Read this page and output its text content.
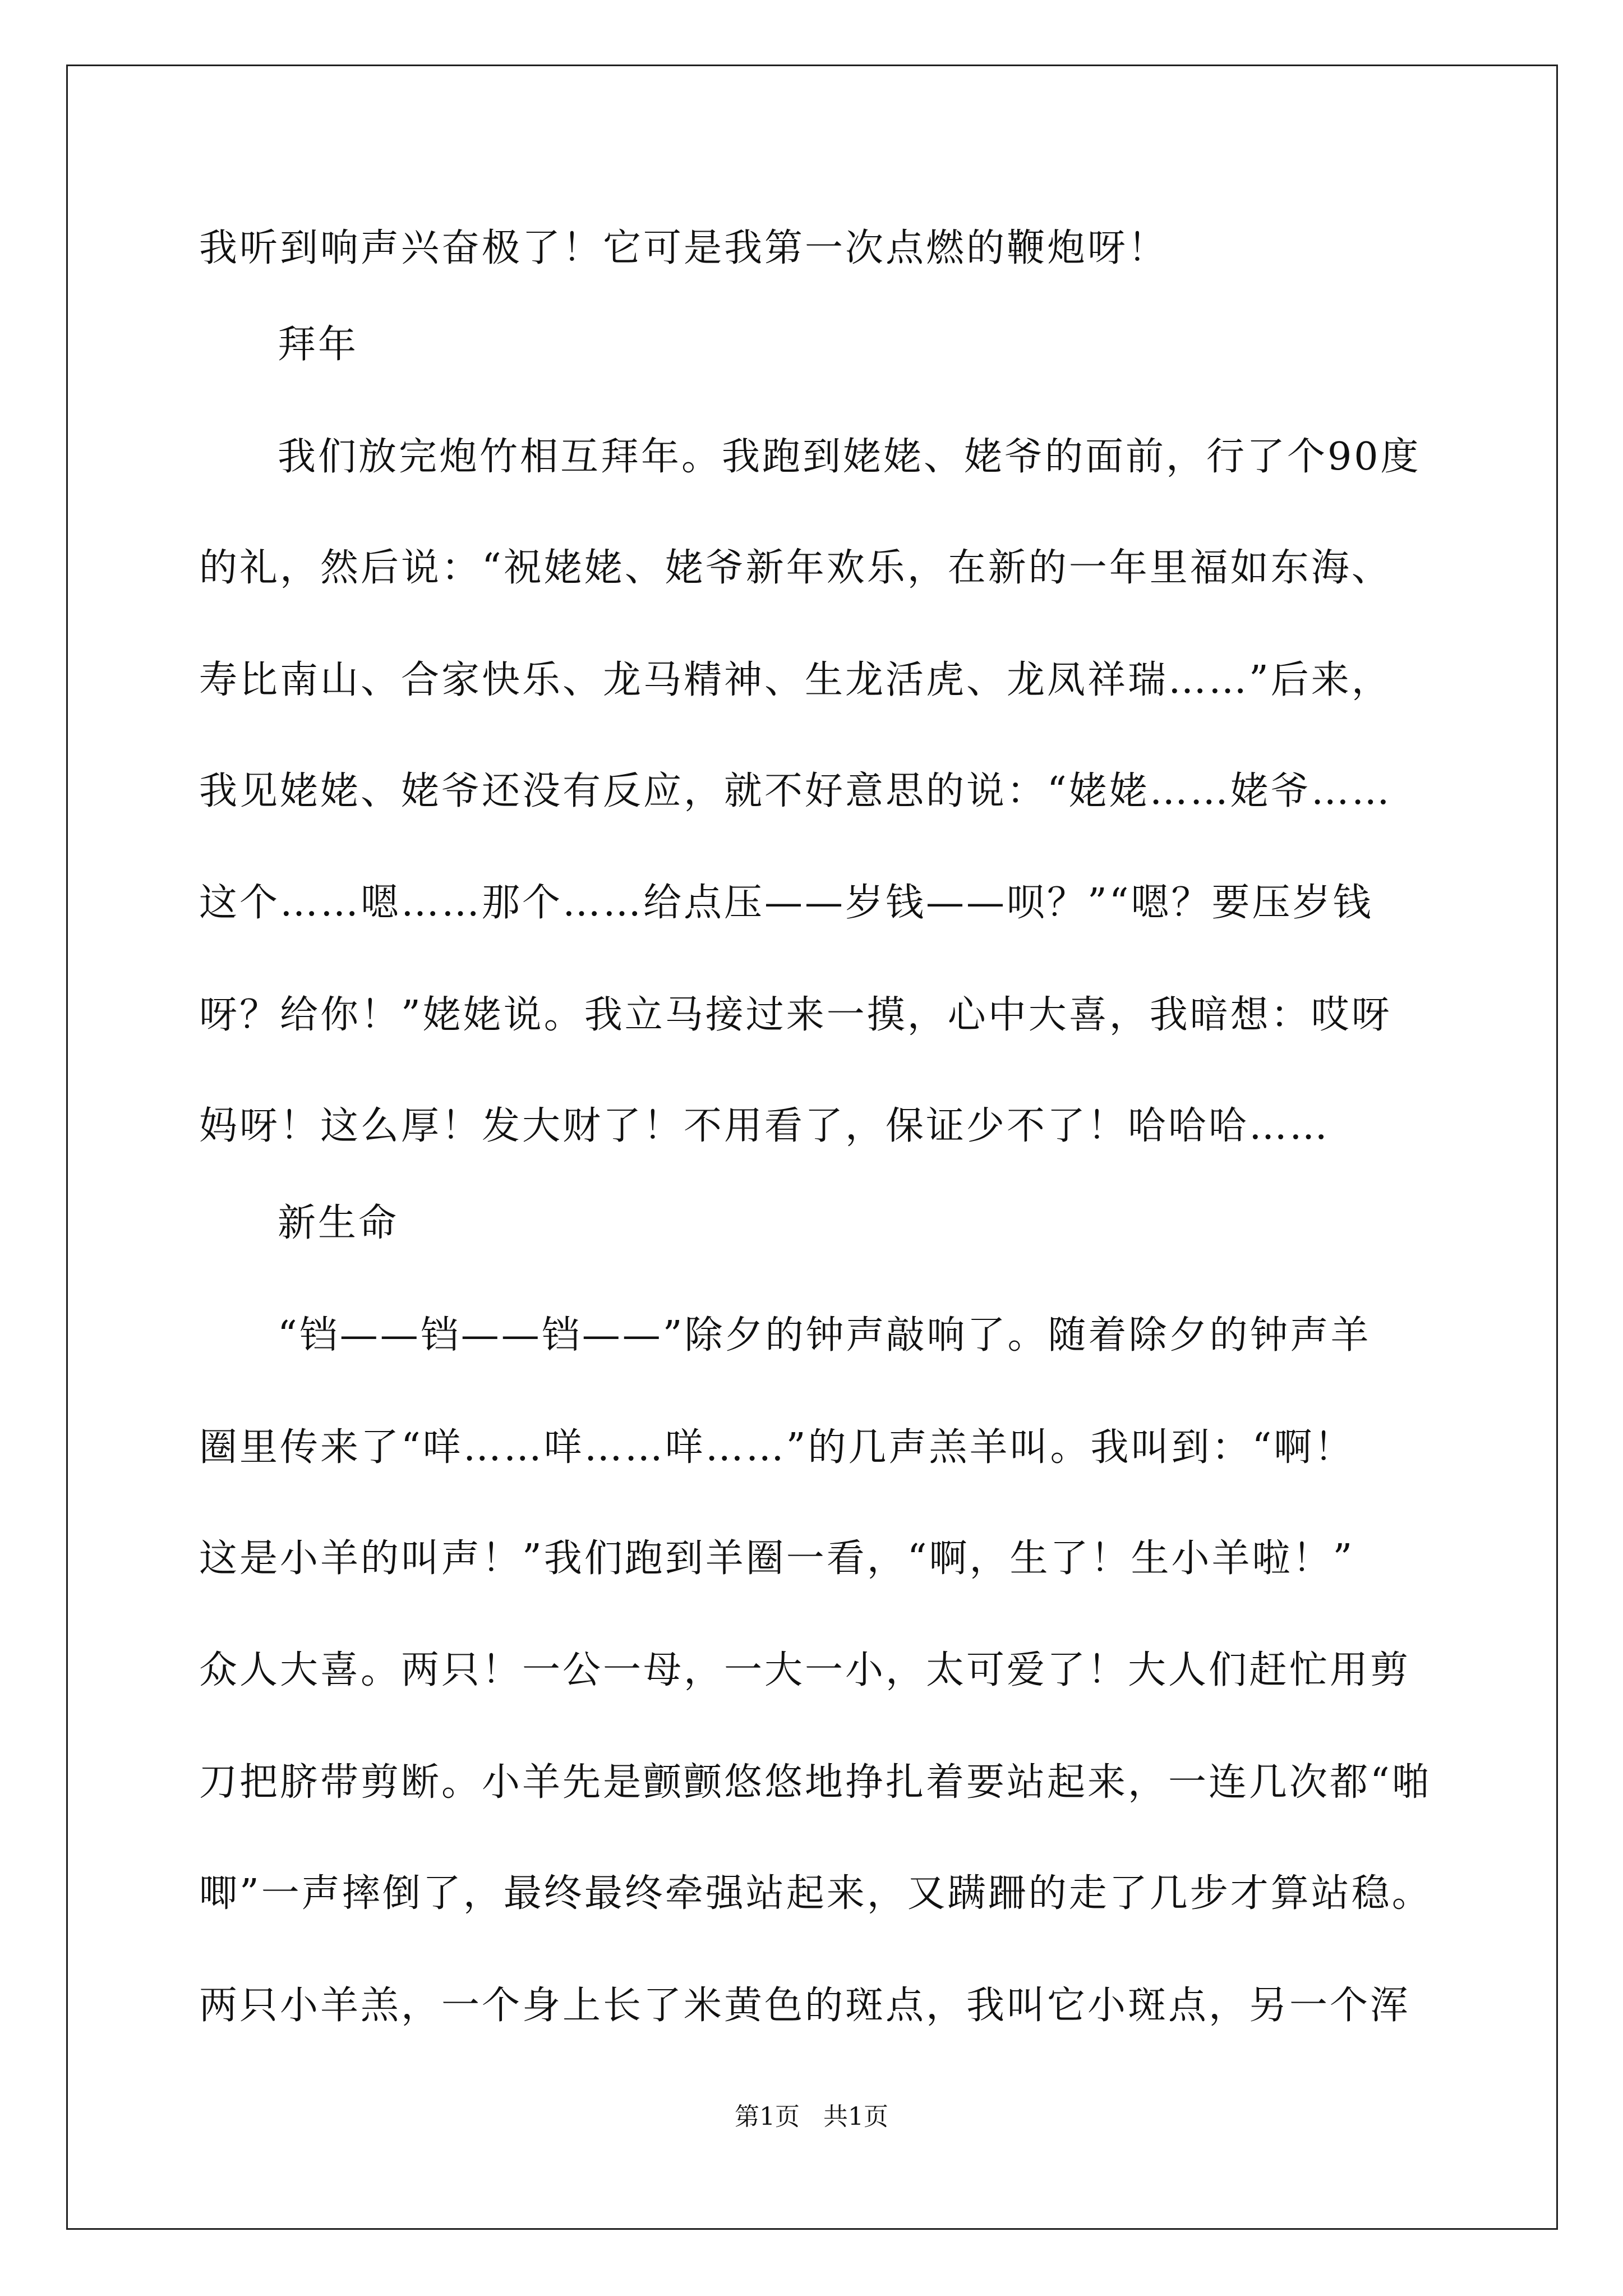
我听到响声兴奋极了！它可是我第一次点燃的鞭炮呀！
拜年
我们放完炮竹相互拜年。我跑到姥姥、姥爷的面前，行了个90度
的礼，然后说：“祝姥姥、姥爷新年欢乐，在新的一年里福如东海、
寿比南山、合家快乐、龙马精神、生龙活虎、龙凤祥瑞……”后来，
我见姥姥、姥爷还没有反应，就不好意思的说：“姥姥……姥爷……
这个……嗯……那个……给点压——岁钱——呗？”“嗯？要压岁钱
呀？给你！”姥姥说。我立马接过来一摸，心中大喜，我暗想：哎呀
妈呀！这么厚！发大财了！不用看了，保证少不了！哈哈哈……
新生命
“铛——铛——铛——”除夕的钟声敲响了。随着除夕的钟声羊
圈里传来了“咩……咩……咩……”的几声羔羊叫。我叫到：“啊！
这是小羊的叫声！”我们跑到羊圈一看，“啊，生了！生小羊啦！”
众人大喜。两只！一公一母，一大一小，太可爱了！大人们赶忙用剪
刀把脐带剪断。小羊先是颤颤悠悠地挣扎着要站起来，一连几次都“啪
唧”一声摔倒了，最终最终牵强站起来，又蹒跚的走了几步才算站稳。
两只小羊羔，一个身上长了米黄色的斑点，我叫它小斑点，另一个浑
第1页   共1页
